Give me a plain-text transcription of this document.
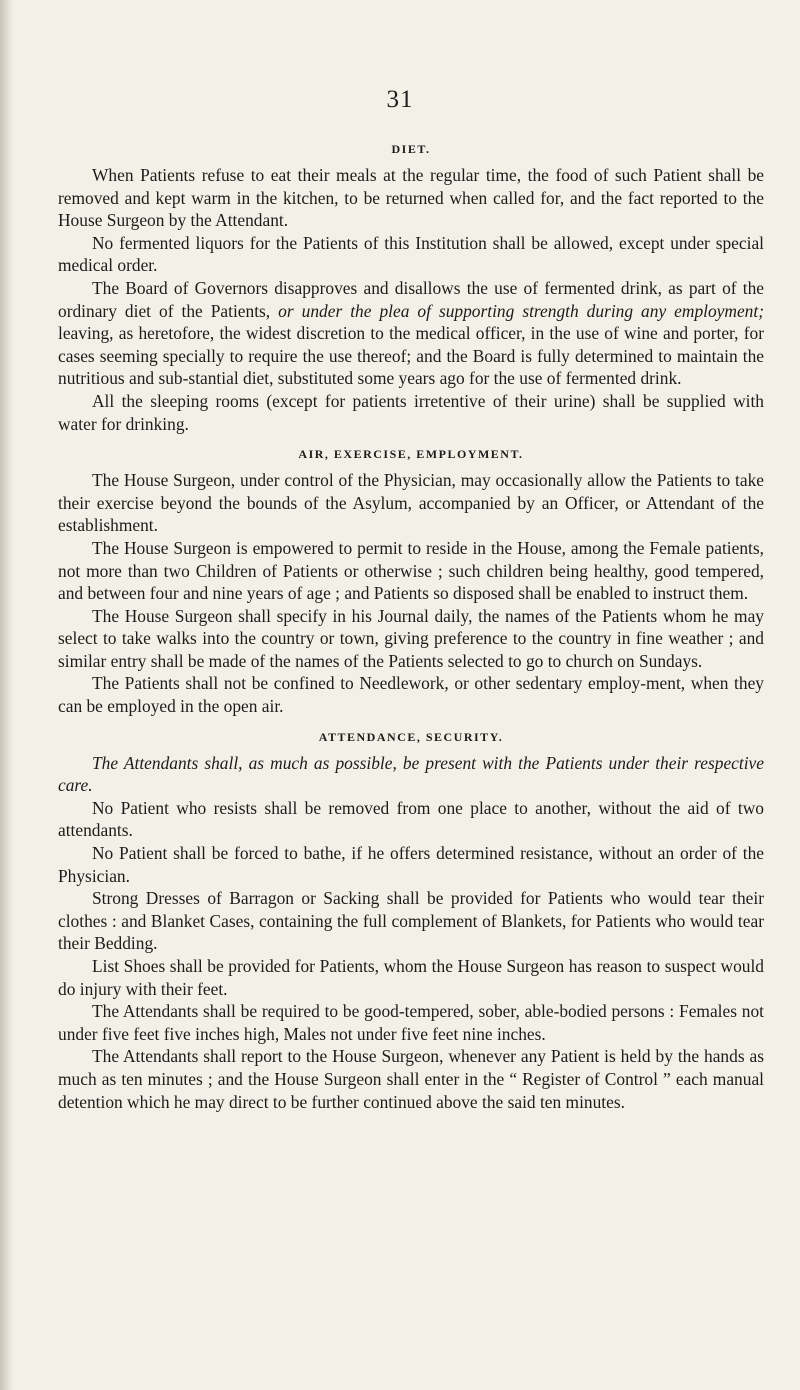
31
DIET.

When Patients refuse to eat their meals at the regular time, the food of such Patient shall be removed and kept warm in the kitchen, to be returned when called for, and the fact reported to the House Surgeon by the Attendant.

No fermented liquors for the Patients of this Institution shall be allowed, except under special medical order.

The Board of Governors disapproves and disallows the use of fermented drink, as part of the ordinary diet of the Patients, or under the plea of supporting strength during any employment; leaving, as heretofore, the widest discretion to the medical officer, in the use of wine and porter, for cases seeming specially to require the use thereof; and the Board is fully determined to maintain the nutritious and sub-stantial diet, substituted some years ago for the use of fermented drink.

All the sleeping rooms (except for patients irretentive of their urine) shall be supplied with water for drinking.

AIR, EXERCISE, EMPLOYMENT.

The House Surgeon, under control of the Physician, may occasionally allow the Patients to take their exercise beyond the bounds of the Asylum, accompanied by an Officer, or Attendant of the establishment.

The House Surgeon is empowered to permit to reside in the House, among the Female patients, not more than two Children of Patients or otherwise ; such children being healthy, good tempered, and between four and nine years of age ; and Patients so disposed shall be enabled to instruct them.

The House Surgeon shall specify in his Journal daily, the names of the Patients whom he may select to take walks into the country or town, giving preference to the country in fine weather ; and similar entry shall be made of the names of the Patients selected to go to church on Sundays.

The Patients shall not be confined to Needlework, or other sedentary employ-ment, when they can be employed in the open air.

ATTENDANCE, SECURITY.

The Attendants shall, as much as possible, be present with the Patients under their respective care.

No Patient who resists shall be removed from one place to another, without the aid of two attendants.

No Patient shall be forced to bathe, if he offers determined resistance, without an order of the Physician.

Strong Dresses of Barragon or Sacking shall be provided for Patients who would tear their clothes : and Blanket Cases, containing the full complement of Blankets, for Patients who would tear their Bedding.

List Shoes shall be provided for Patients, whom the House Surgeon has reason to suspect would do injury with their feet.

The Attendants shall be required to be good-tempered, sober, able-bodied persons : Females not under five feet five inches high, Males not under five feet nine inches.

The Attendants shall report to the House Surgeon, whenever any Patient is held by the hands as much as ten minutes ; and the House Surgeon shall enter in the “ Register of Control ” each manual detention which he may direct to be further continued above the said ten minutes.
